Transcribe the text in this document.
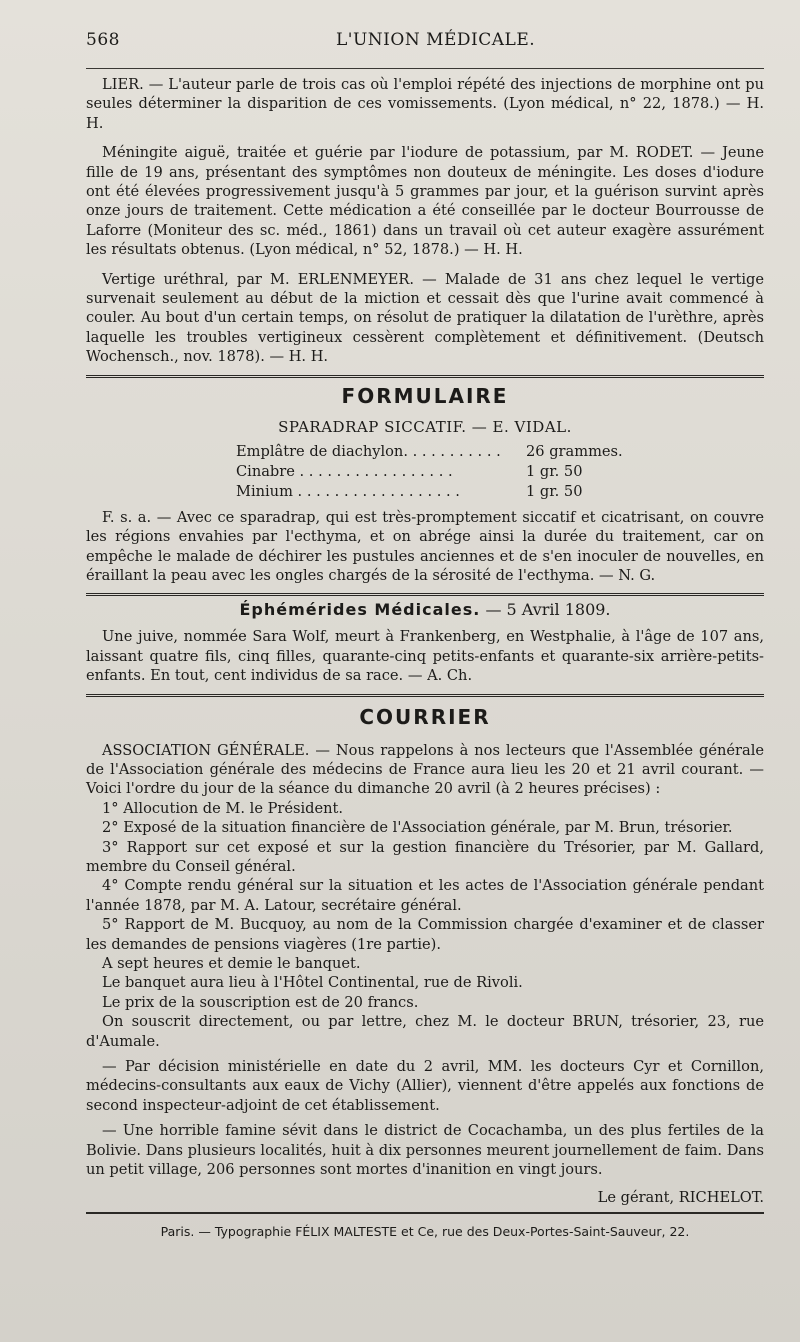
568	L'UNION MÉDICALE.

LIER. — L'auteur parle de trois cas où l'emploi répété des injections de morphine ont pu seules déterminer la disparition de ces vomissements. (Lyon médical, n° 22, 1878.) — H. H.

Méningite aiguë, traitée et guérie par l'iodure de potassium, par M. RODET. — Jeune fille de 19 ans, présentant des symptômes non douteux de méningite. Les doses d'iodure ont été élevées progressivement jusqu'à 5 grammes par jour, et la guérison survint après onze jours de traitement. Cette médication a été conseillée par le docteur Bourrousse de Laforre (Moniteur des sc. méd., 1861) dans un travail où cet auteur exagère assurément les résultats obtenus. (Lyon médical, n° 52, 1878.) — H. H.

Vertige uréthral, par M. ERLENMEYER. — Malade de 31 ans chez lequel le vertige survenait seulement au début de la miction et cessait dès que l'urine avait commencé à couler. Au bout d'un certain temps, on résolut de pratiquer la dilatation de l'urèthre, après laquelle les troubles vertigineux cessèrent complètement et définitivement. (Deutsch Wochensch., nov. 1878). — H. H.

FORMULAIRE
SPARADRAP SICCATIF. — E. VIDAL.
Emplâtre de diachylon. . . . . . . . . . .	26 grammes.
Cinabre . . . . . . . . . . . . . . . . .	1 gr. 50
Minium . . . . . . . . . . . . . . . . . .	1 gr. 50

F. s. a. — Avec ce sparadrap, qui est très-promptement siccatif et cicatrisant, on couvre les régions envahies par l'ecthyma, et on abrége ainsi la durée du traitement, car on empêche le malade de déchirer les pustules anciennes et de s'en inoculer de nouvelles, en éraillant la peau avec les ongles chargés de la sérosité de l'ecthyma. — N. G.

Éphémérides Médicales. — 5 Avril 1809.

Une juive, nommée Sara Wolf, meurt à Frankenberg, en Westphalie, à l'âge de 107 ans, laissant quatre fils, cinq filles, quarante-cinq petits-enfants et quarante-six arrière-petits-enfants. En tout, cent individus de sa race. — A. Ch.

COURRIER

ASSOCIATION GÉNÉRALE. — Nous rappelons à nos lecteurs que l'Assemblée générale de l'Association générale des médecins de France aura lieu les 20 et 21 avril courant. — Voici l'ordre du jour de la séance du dimanche 20 avril (à 2 heures précises) :

1° Allocution de M. le Président.
2° Exposé de la situation financière de l'Association générale, par M. Brun, trésorier.
3° Rapport sur cet exposé et sur la gestion financière du Trésorier, par M. Gallard, membre du Conseil général.
4° Compte rendu général sur la situation et les actes de l'Association générale pendant l'année 1878, par M. A. Latour, secrétaire général.
5° Rapport de M. Bucquoy, au nom de la Commission chargée d'examiner et de classer les demandes de pensions viagères (1re partie).
A sept heures et demie le banquet.
Le banquet aura lieu à l'Hôtel Continental, rue de Rivoli.
Le prix de la souscription est de 20 francs.
On souscrit directement, ou par lettre, chez M. le docteur BRUN, trésorier, 23, rue d'Aumale.
— Par décision ministérielle en date du 2 avril, MM. les docteurs Cyr et Cornillon, médecins-consultants aux eaux de Vichy (Allier), viennent d'être appelés aux fonctions de second inspecteur-adjoint de cet établissement.
— Une horrible famine sévit dans le district de Cocachamba, un des plus fertiles de la Bolivie. Dans plusieurs localités, huit à dix personnes meurent journellement de faim. Dans un petit village, 206 personnes sont mortes d'inanition en vingt jours.
Le gérant, RICHELOT.
Paris. — Typographie FÉLIX MALTESTE et Ce, rue des Deux-Portes-Saint-Sauveur, 22.
